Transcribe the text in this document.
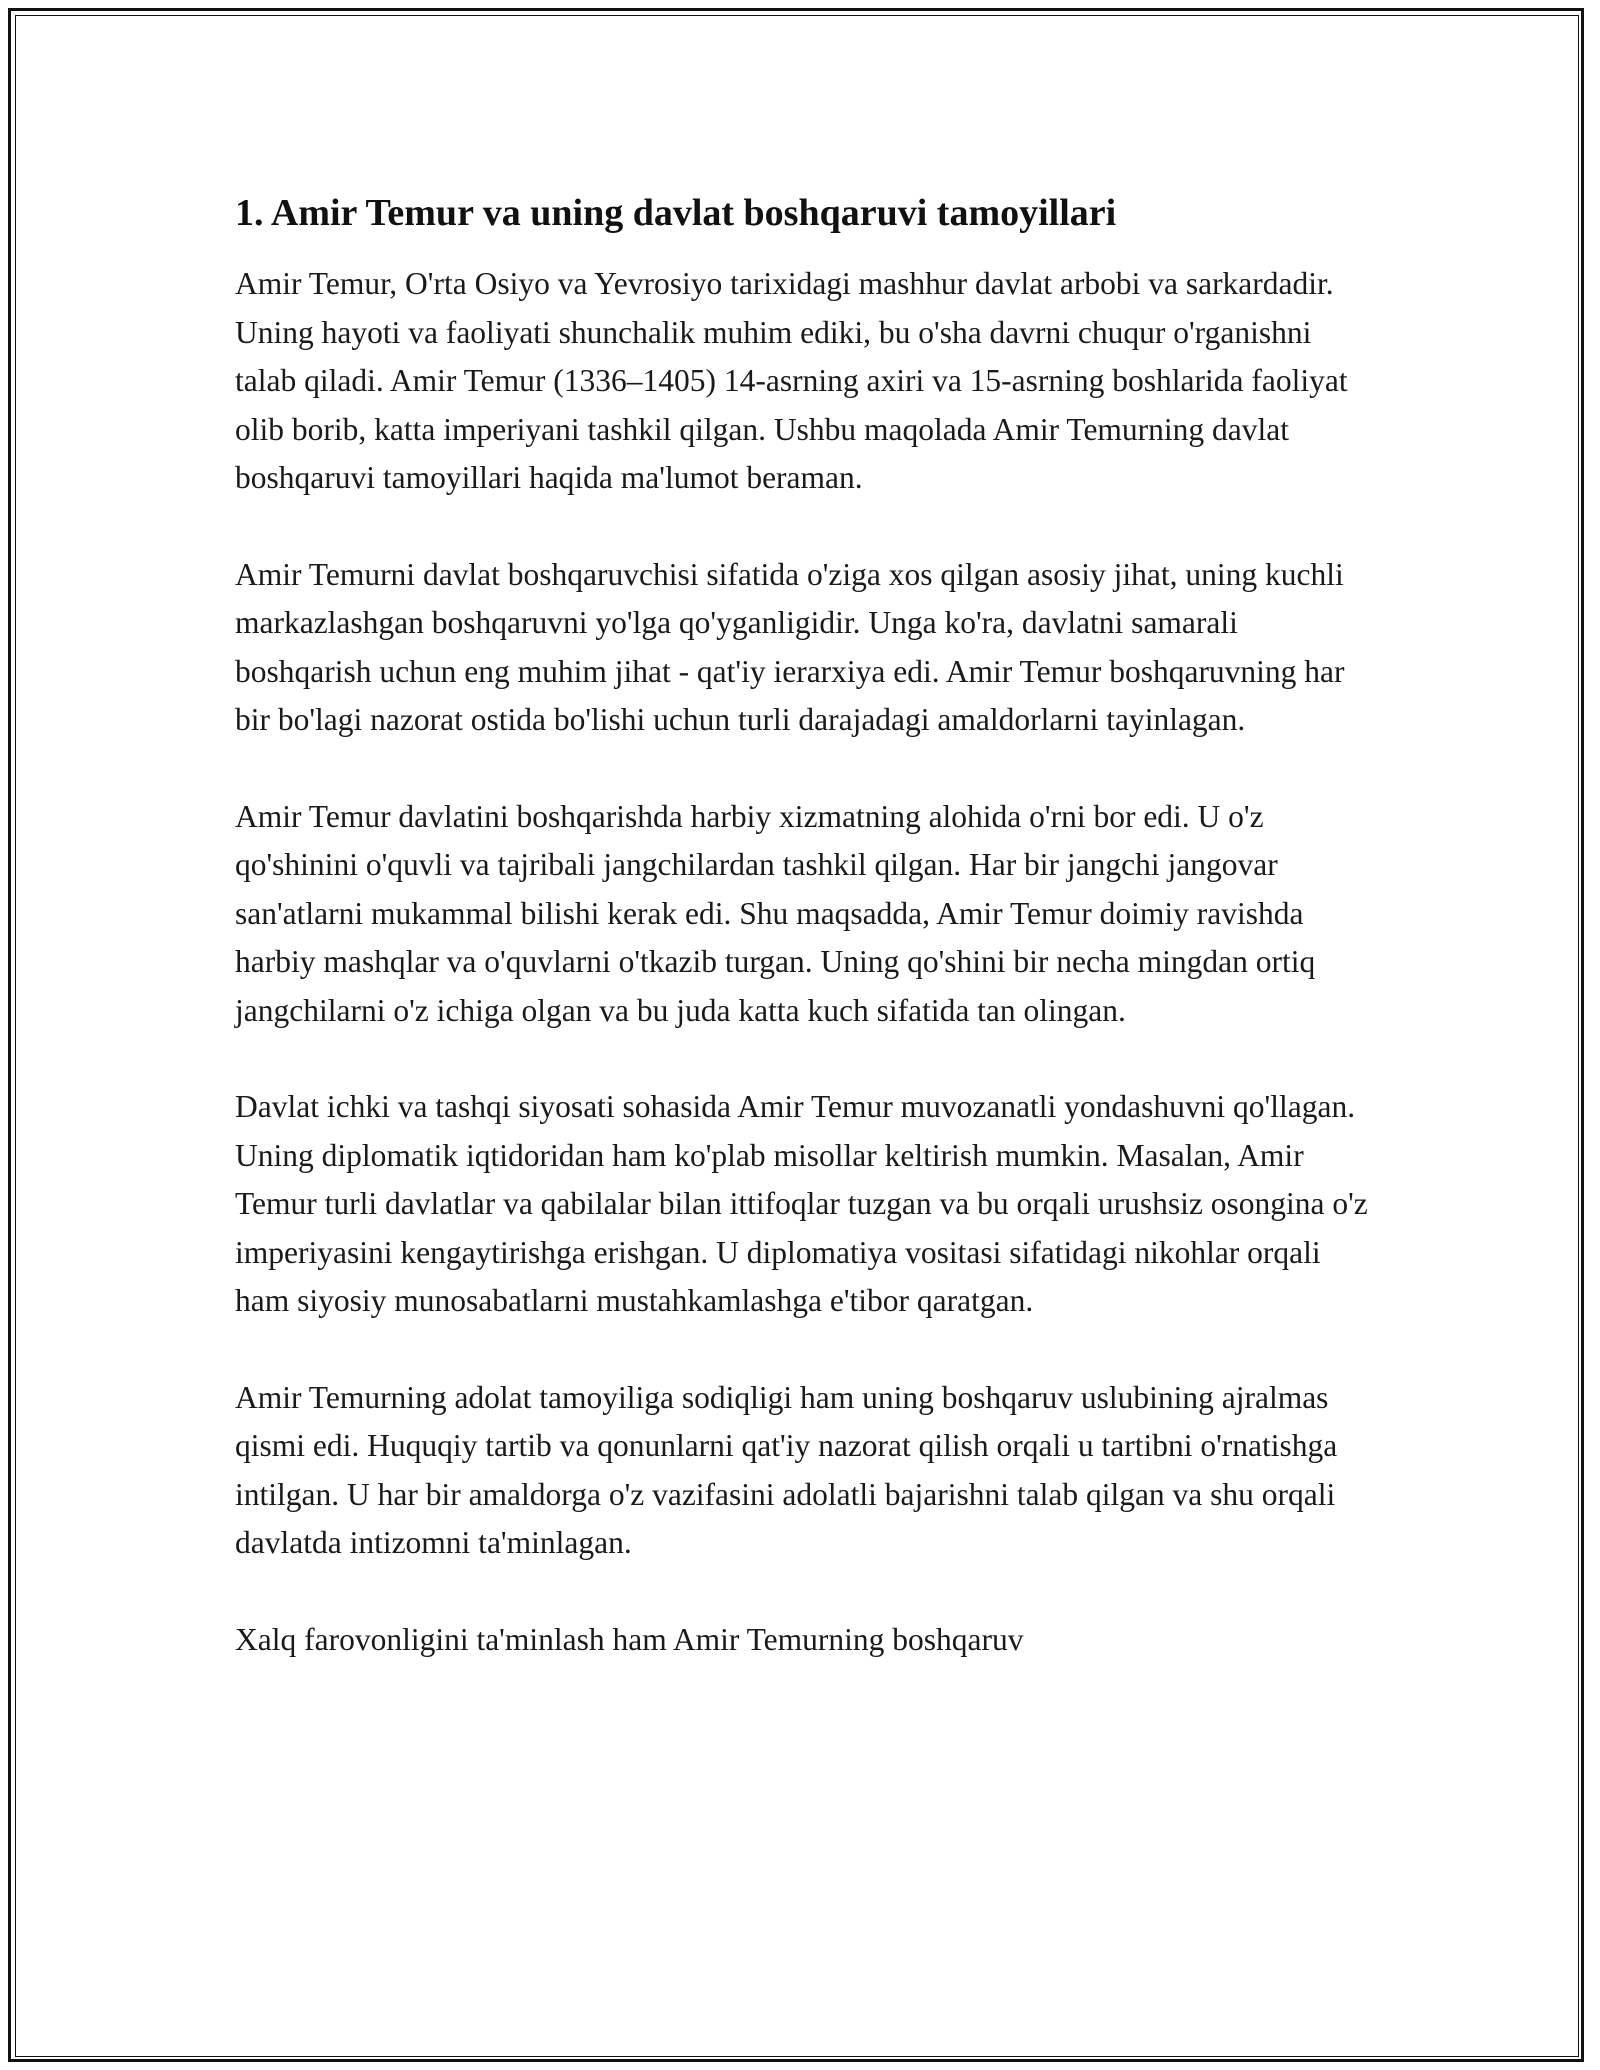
1. Amir Temur va uning davlat boshqaruvi tamoyillari

Amir Temur, O'rta Osiyo va Yevrosiyo tarixidagi mashhur davlat arbobi va sarkardadir. Uning hayoti va faoliyati shunchalik muhim ediki, bu o'sha davrni chuqur o'rganishni talab qiladi. Amir Temur (1336–1405) 14-asrning axiri va 15-asrning boshlarida faoliyat olib borib, katta imperiyani tashkil qilgan. Ushbu maqolada Amir Temurning davlat boshqaruvi tamoyillari haqida ma'lumot beraman.

Amir Temurni davlat boshqaruvchisi sifatida o'ziga xos qilgan asosiy jihat, uning kuchli markazlashgan boshqaruvni yo'lga qo'yganligidir. Unga ko'ra, davlatni samarali boshqarish uchun eng muhim jihat - qat'iy ierarxiya edi. Amir Temur boshqaruvning har bir bo'lagi nazorat ostida bo'lishi uchun turli darajadagi amaldorlarni tayinlagan.

Amir Temur davlatini boshqarishda harbiy xizmatning alohida o'rni bor edi. U o'z qo'shinini o'quvli va tajribali jangchilardan tashkil qilgan. Har bir jangchi jangovar san'atlarni mukammal bilishi kerak edi. Shu maqsadda, Amir Temur doimiy ravishda harbiy mashqlar va o'quvlarni o'tkazib turgan. Uning qo'shini bir necha mingdan ortiq jangchilarni o'z ichiga olgan va bu juda katta kuch sifatida tan olingan.

Davlat ichki va tashqi siyosati sohasida Amir Temur muvozanatli yondashuvni qo'llagan. Uning diplomatik iqtidoridan ham ko'plab misollar keltirish mumkin. Masalan, Amir Temur turli davlatlar va qabilalar bilan ittifoqlar tuzgan va bu orqali urushsiz osongina o'z imperiyasini kengaytirishga erishgan. U diplomatiya vositasi sifatidagi nikohlar orqali ham siyosiy munosabatlarni mustahkamlashga e'tibor qaratgan.

Amir Temurning adolat tamoyiliga sodiqligi ham uning boshqaruv uslubining ajralmas qismi edi. Huquqiy tartib va qonunlarni qat'iy nazorat qilish orqali u tartibni o'rnatishga intilgan. U har bir amaldorga o'z vazifasini adolatli bajarishni talab qilgan va shu orqali davlatda intizomni ta'minlagan.

Xalq farovonligini ta'minlash ham Amir Temurning boshqaruv
